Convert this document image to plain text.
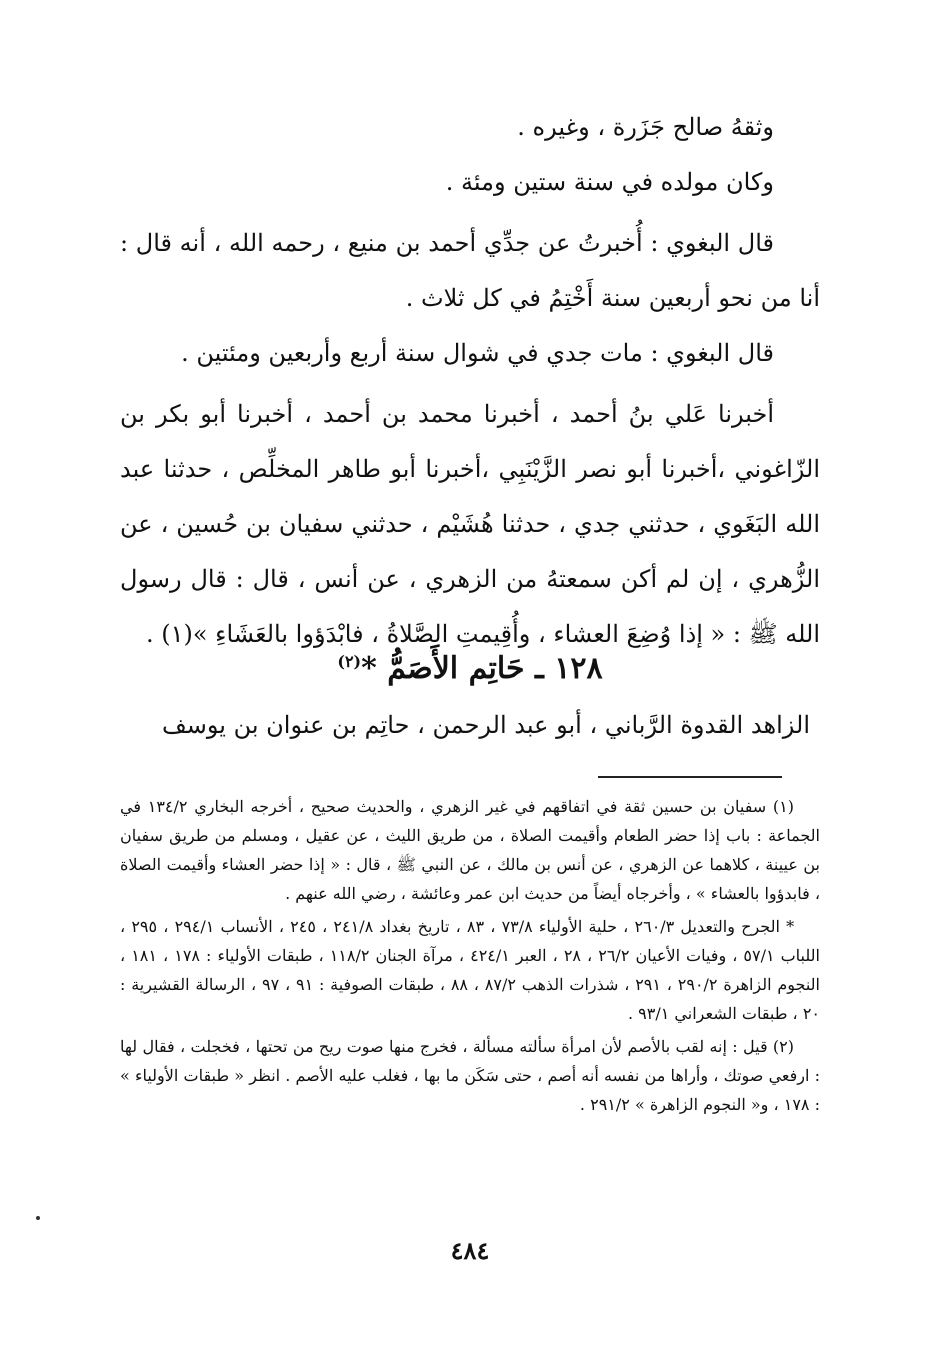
وثقهُ صالح جَزَرة ، وغيره .

وكان مولده في سنة ستين ومئة .

قال البغوي : أُخبرتُ عن جدِّي أحمد بن منيع ، رحمه الله ، أنه قال : أنا من نحو أربعين سنة أَخْتِمُ في كل ثلاث .

قال البغوي : مات جدي في شوال سنة أربع وأربعين ومئتين .

أخبرنا عَلي بنُ أحمد ، أخبرنا محمد بن أحمد ، أخبرنا أبو بكر بن الزّاغوني ،أخبرنا أبو نصر الزَّيْنَبِي ،أخبرنا أبو طاهر المخلِّص ، حدثنا عبد الله البَغَوي ، حدثني جدي ، حدثنا هُشَيْم ، حدثني سفيان بن حُسين ، عن الزُّهري ، إن لم أكن سمعتهُ من الزهري ، عن أنس ، قال : قال رسول الله ﷺ : « إذا وُضِعَ العشاء ، وأُقِيمتِ الصَّلاةُ ، فابْدَؤوا بالعَشَاءِ »(١) .

١٢٨ ـ حَاتِم الأَصَمُّ *$^{(٢)}$
الزاهد القدوة الرَّباني ، أبو عبد الرحمن ، حاتِم بن عنوان بن يوسف

(١) سفيان بن حسين ثقة في اتفاقهم في غير الزهري ، والحديث صحيح ، أخرجه البخاري ١٣٤/٢ في الجماعة : باب إذا حضر الطعام وأقيمت الصلاة ، من طريق الليث ، عن عقيل ، ومسلم من طريق سفيان بن عيينة ، كلاهما عن الزهري ، عن أنس بن مالك ، عن النبي ﷺ ، قال : « إذا حضر العشاء وأقيمت الصلاة ، فابدؤوا بالعشاء » ، وأخرجاه أيضاً من حديث ابن عمر وعائشة ، رضي الله عنهم .

* الجرح والتعديل ٢٦٠/٣ ، حلية الأولياء ٧٣/٨ ، ٨٣ ، تاريخ بغداد ٢٤١/٨ ، ٢٤٥ ، الأنساب ٢٩٤/١ ، ٢٩٥ ، اللباب ٥٧/١ ، وفيات الأعيان ٢٦/٢ ، ٢٨ ، العبر ٤٢٤/١ ، مرآة الجنان ١١٨/٢ ، طبقات الأولياء : ١٧٨ ، ١٨١ ، النجوم الزاهرة ٢٩٠/٢ ، ٢٩١ ، شذرات الذهب ٨٧/٢ ، ٨٨ ، طبقات الصوفية : ٩١ ، ٩٧ ، الرسالة القشيرية : ٢٠ ، طبقات الشعراني ٩٣/١ .

(٢) قيل : إنه لقب بالأصم لأن امرأة سألته مسألة ، فخرج منها صوت ريح من تحتها ، فخجلت ، فقال لها : ارفعي صوتك ، وأراها من نفسه أنه أصم ، حتى سَكَن ما بها ، فغلب عليه الأصم . انظر « طبقات الأولياء » : ١٧٨ ، و« النجوم الزاهرة » ٢٩١/٢ .

٤٨٤
